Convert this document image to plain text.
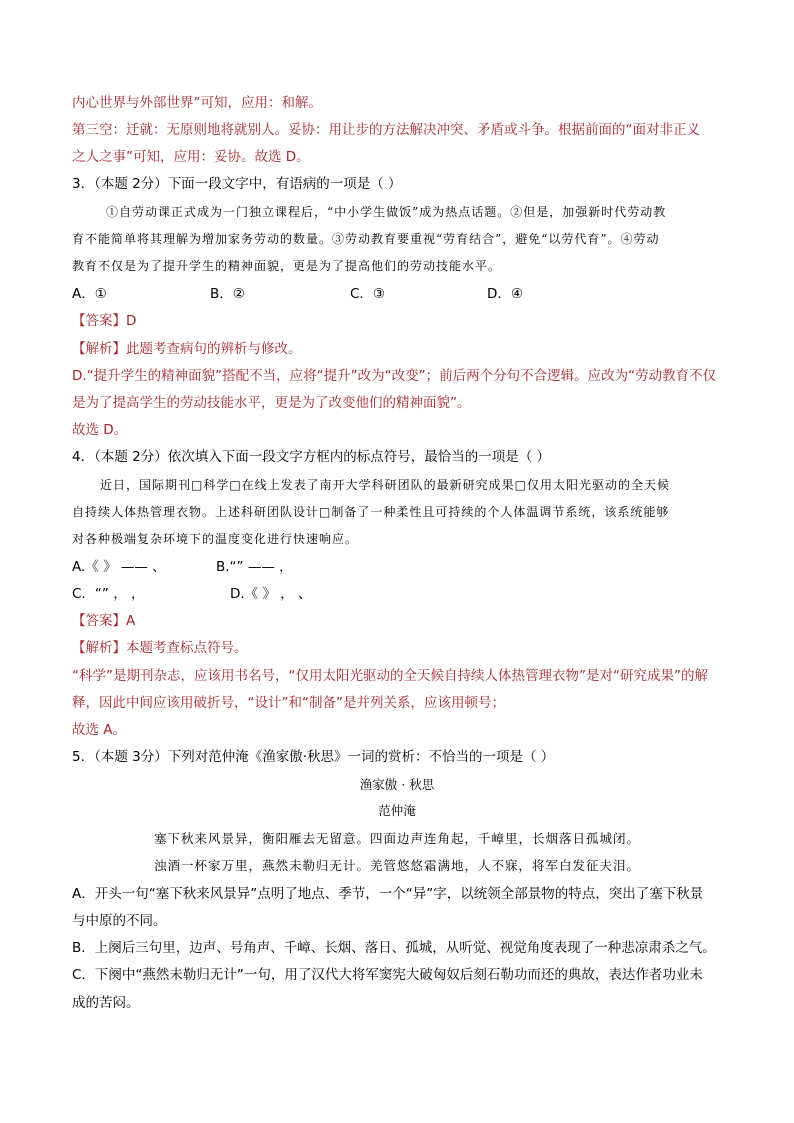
内心世界与外部世界”可知，应用：和解。
第三空：迁就：无原则地将就别人。妥协：用让步的方法解决冲突、矛盾或斗争。根据前面的“面对非正义
之人之事”可知，应用：妥协。故选 D。
3．（本题 2分）下面一段文字中，有语病的一项是（ ）
①自劳动课正式成为一门独立课程后，“中小学生做饭”成为热点话题。②但是，加强新时代劳动教
育不能简单将其理解为增加家务劳动的数量。③劳动教育要重视“劳育结合”，避免“以劳代育”。④劳动
教育不仅是为了提升学生的精神面貌，更是为了提高他们的劳动技能水平。
A．①	B．②	C．③	D．④
【答案】D
【解析】此题考查病句的辨析与修改。
D.“提升学生的精神面貌”搭配不当，应将“提升”改为“改变”；前后两个分句不合逻辑。应改为“劳动教育不仅
是为了提高学生的劳动技能水平，更是为了改变他们的精神面貌”。
故选 D。
4．（本题 2分）依次填入下面一段文字方框内的标点符号，最恰当的一项是（ ）
近日，国际期刊□科学□在线上发表了南开大学科研团队的最新研究成果□仅用太阳光驱动的全天候
自持续人体热管理衣物。上述科研团队设计□制备了一种柔性且可持续的个人体温调节系统，该系统能够
对各种极端复杂环境下的温度变化进行快速响应。
A.《 》 —— 、	B.“” —— ，
C．“” ， ，	D.《 》 ， 、
【答案】A
【解析】本题考查标点符号。
“科学”是期刊杂志，应该用书名号，“仅用太阳光驱动的全天候自持续人体热管理衣物”是对“研究成果”的解
释，因此中间应该用破折号，“设计”和“制备”是并列关系，应该用顿号；
故选 A。
5．（本题 3分）下列对范仲淹《渔家傲·秋思》一词的赏析：不恰当的一项是（ ）
渔家傲 · 秋思
范仲淹
塞下秋来风景异，衡阳雁去无留意。四面边声连角起，千嶂里，长烟落日孤城闭。
浊酒一杯家万里，燕然未勒归无计。羌管悠悠霜满地，人不寐，将军白发征夫泪。
A．开头一句“塞下秋来风景异”点明了地点、季节，一个“异”字，以统领全部景物的特点，突出了塞下秋景
与中原的不同。
B．上阕后三句里，边声、号角声、千嶂、长烟、落日、孤城，从听觉、视觉角度表现了一种悲凉肃杀之气。
C．下阕中“燕然未勒归无计”一句，用了汉代大将军窦宪大破匈奴后刻石勒功而还的典故，表达作者功业未
成的苦闷。
